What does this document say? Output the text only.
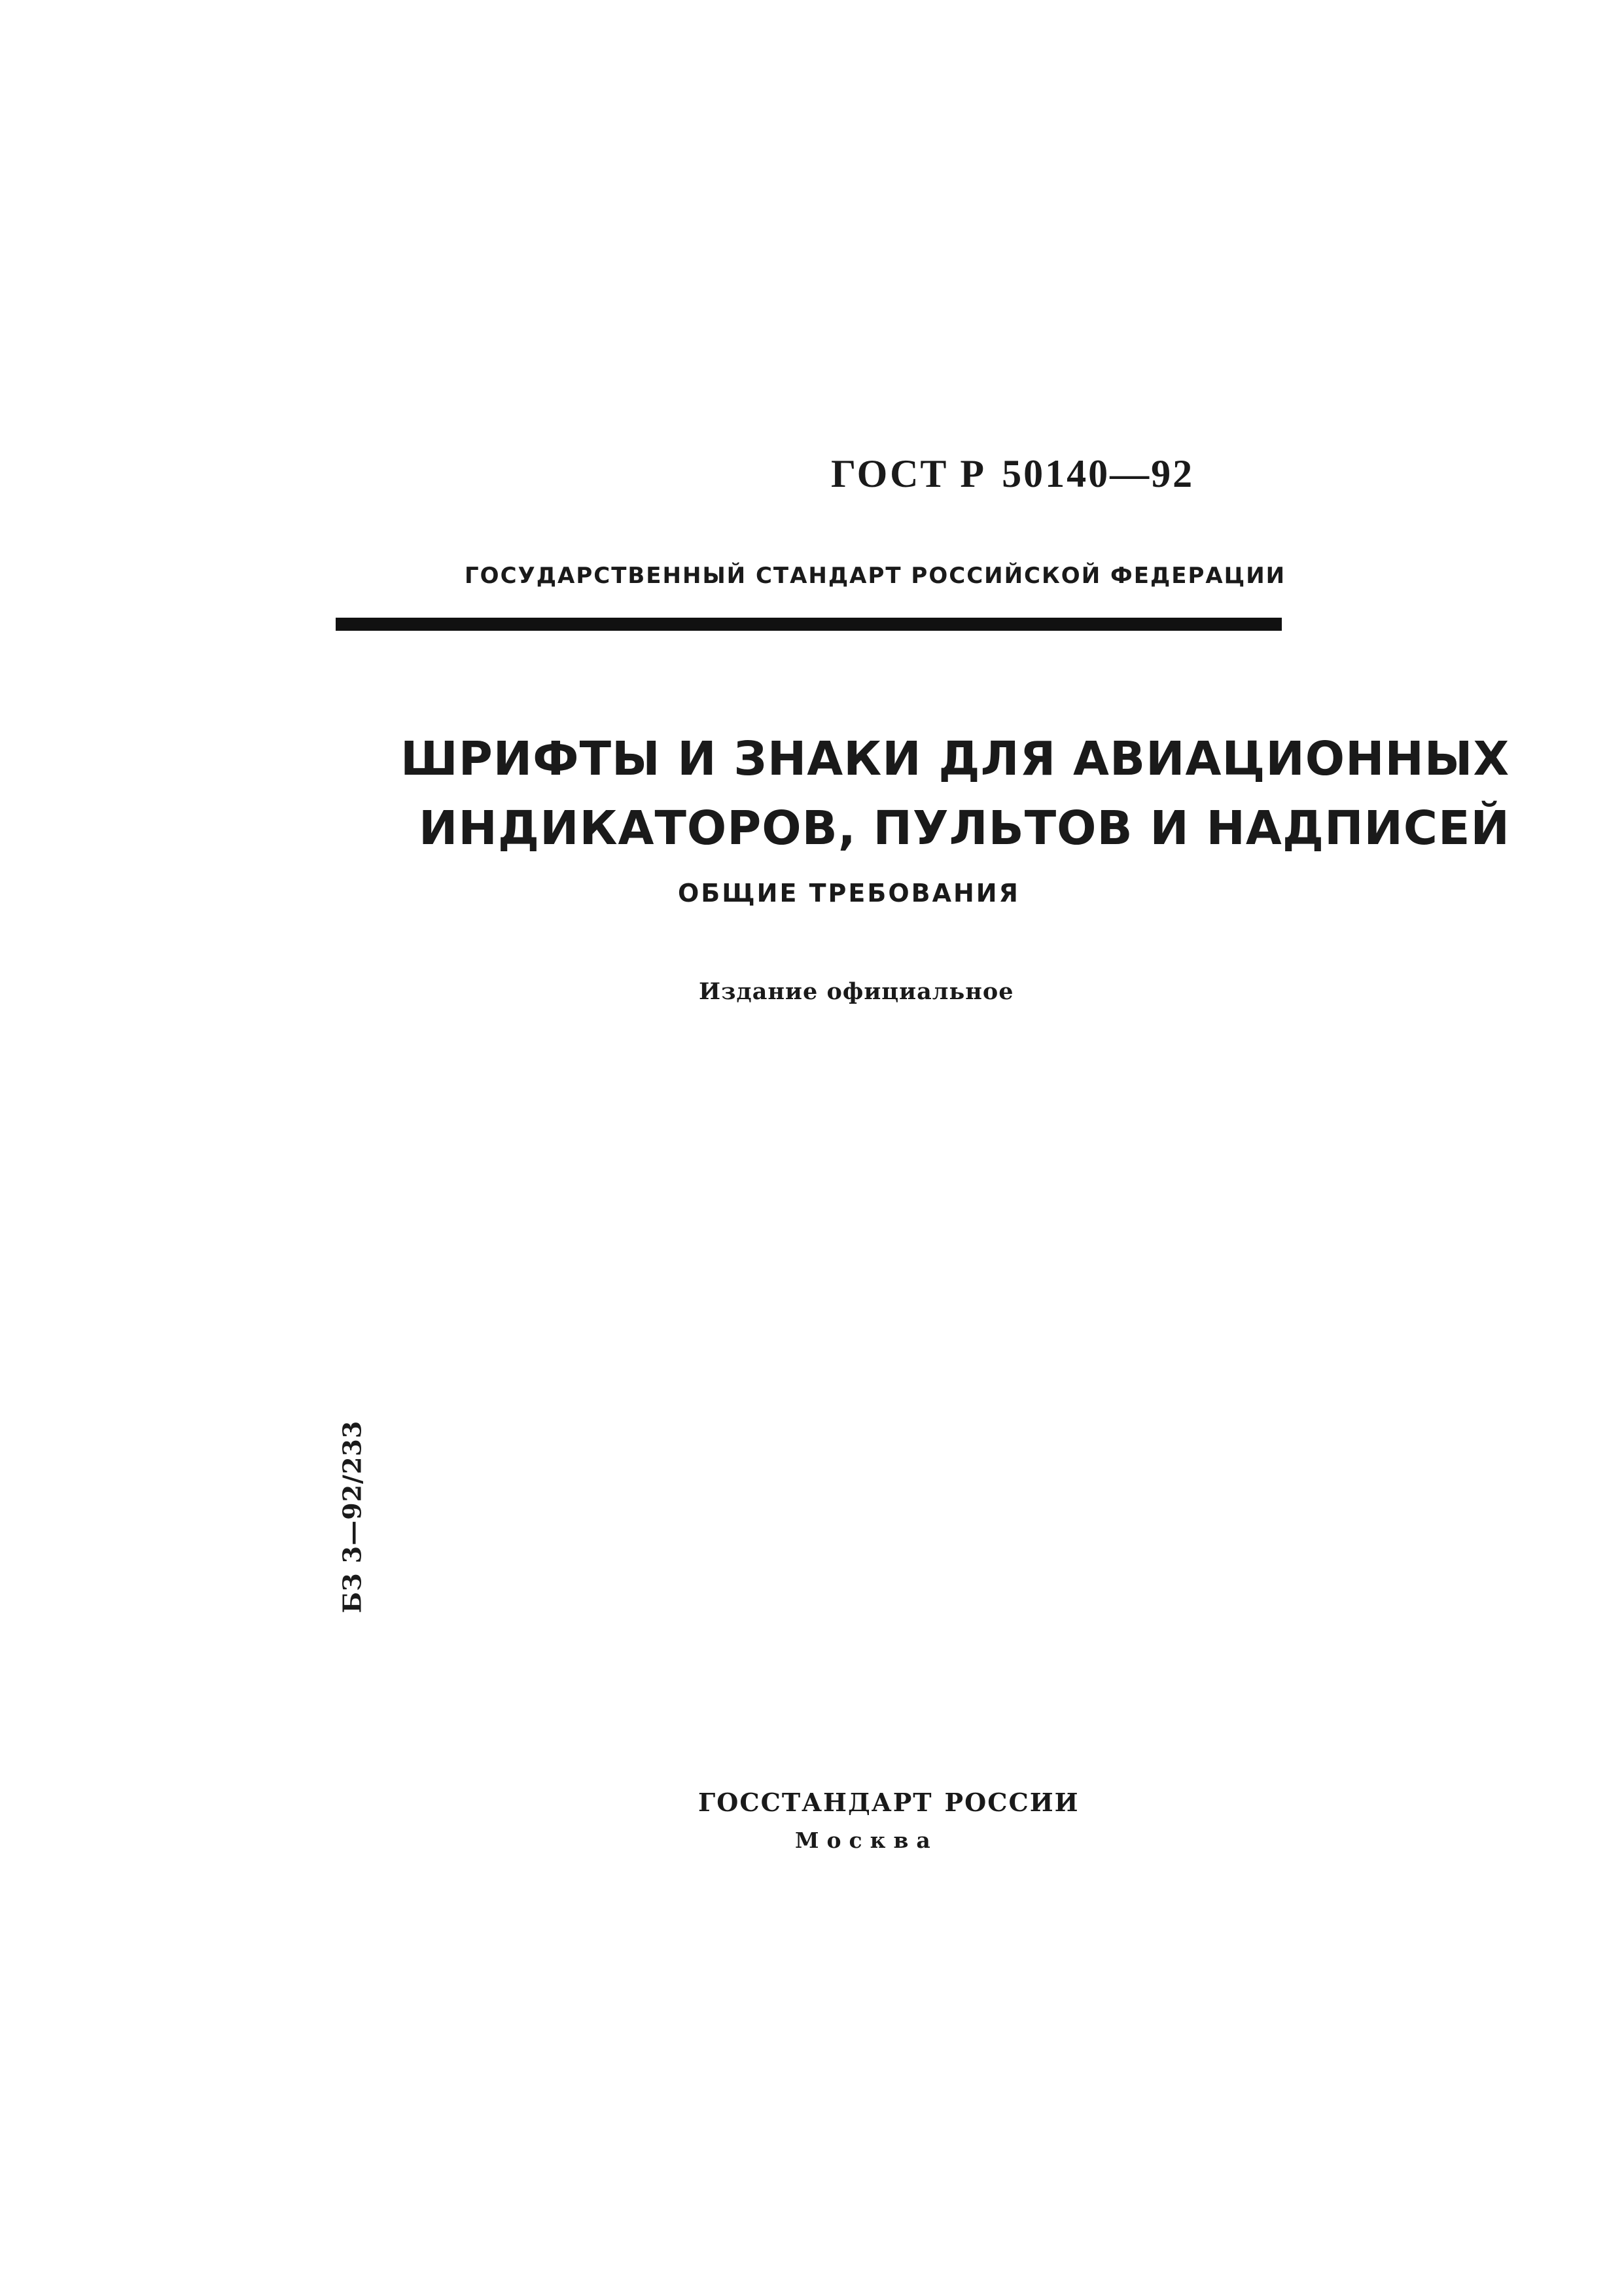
ГОСТ Р 50140—92
ГОСУДАРСТВЕННЫЙ СТАНДАРТ РОССИЙСКОЙ ФЕДЕРАЦИИ
ШРИФТЫ И ЗНАКИ ДЛЯ АВИАЦИОННЫХ
ИНДИКАТОРОВ, ПУЛЬТОВ И НАДПИСЕЙ
ОБЩИЕ ТРЕБОВАНИЯ
Издание официальное
БЗ 3—92/233
ГОССТАНДАРТ РОССИИ
Москва
